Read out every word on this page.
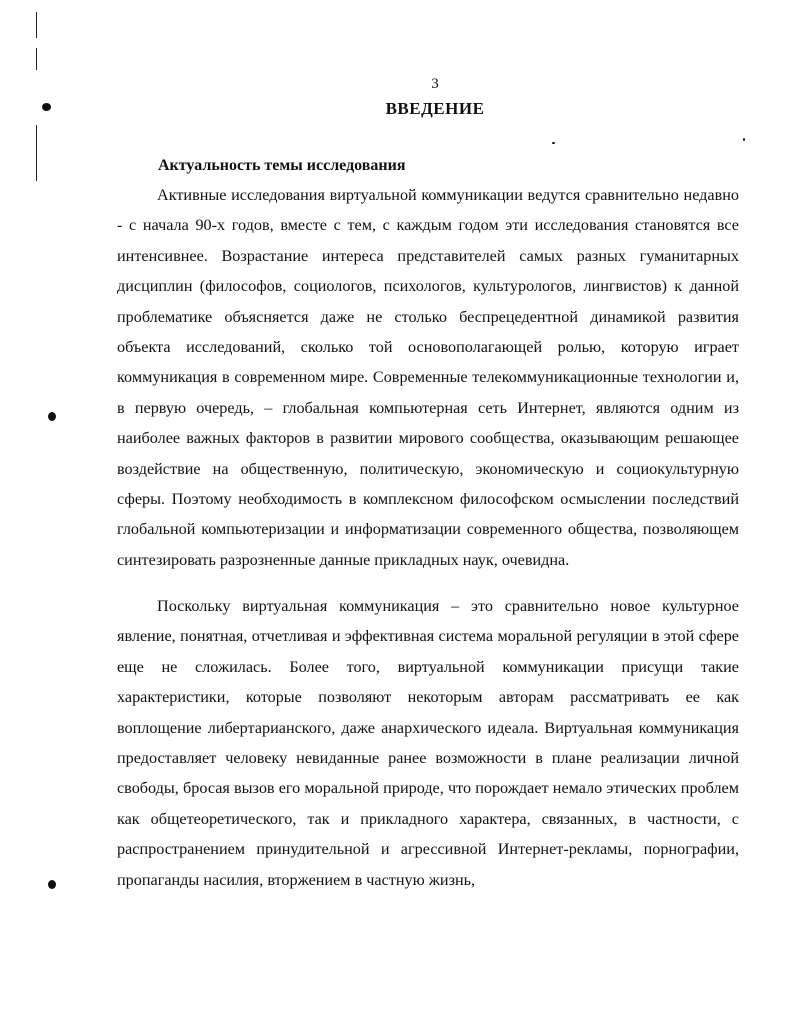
3
ВВЕДЕНИЕ
Актуальность темы исследования

Активные исследования виртуальной коммуникации ведутся сравнительно недавно - с начала 90-х годов, вместе с тем, с каждым годом эти исследования становятся все интенсивнее. Возрастание интереса представителей самых разных гуманитарных дисциплин (философов, социологов, психологов, культурологов, лингвистов) к данной проблематике объясняется даже не столько беспрецедентной динамикой развития объекта исследований, сколько той основополагающей ролью, которую играет коммуникация в современном мире. Современные телекоммуникационные технологии и, в первую очередь, – глобальная компьютерная сеть Интернет, являются одним из наиболее важных факторов в развитии мирового сообщества, оказывающим решающее воздействие на общественную, политическую, экономическую и социокультурную сферы. Поэтому необходимость в комплексном философском осмыслении последствий глобальной компьютеризации и информатизации современного общества, позволяющем синтезировать разрозненные данные прикладных наук, очевидна.

Поскольку виртуальная коммуникация – это сравнительно новое культурное явление, понятная, отчетливая и эффективная система моральной регуляции в этой сфере еще не сложилась. Более того, виртуальной коммуникации присущи такие характеристики, которые позволяют некоторым авторам рассматривать ее как воплощение либертарианского, даже анархического идеала. Виртуальная коммуникация предоставляет человеку невиданные ранее возможности в плане реализации личной свободы, бросая вызов его моральной природе, что порождает немало этических проблем как общетеоретического, так и прикладного характера, связанных, в частности, с распространением принудительной и агрессивной Интернет-рекламы, порнографии, пропаганды насилия, вторжением в частную жизнь,
